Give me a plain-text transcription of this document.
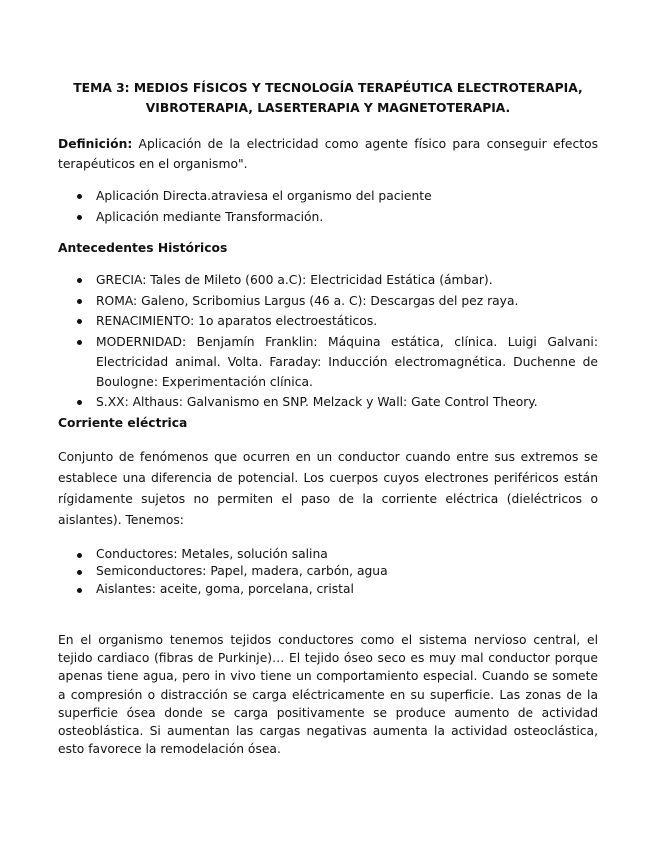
TEMA 3: MEDIOS FÍSICOS Y TECNOLOGÍA TERAPÉUTICA ELECTROTERAPIA,
VIBROTERAPIA, LASERTERAPIA Y MAGNETOTERAPIA.

Definición: Aplicación de la electricidad como agente físico para conseguir efectos terapéuticos en el organismo".

Aplicación Directa.atraviesa el organismo del paciente
Aplicación mediante Transformación.

Antecedentes Históricos

GRECIA: Tales de Mileto (600 a.C): Electricidad Estática (ámbar).
ROMA: Galeno, Scribomius Largus (46 a. C): Descargas del pez raya.
RENACIMIENTO: 1o aparatos electroestáticos.
MODERNIDAD: Benjamín Franklin: Máquina estática, clínica. Luigi Galvani: Electricidad animal. Volta. Faraday: Inducción electromagnética. Duchenne de Boulogne: Experimentación clínica.
S.XX: Althaus: Galvanismo en SNP. Melzack y Wall: Gate Control Theory.

Corriente eléctrica

Conjunto de fenómenos que ocurren en un conductor cuando entre sus extremos se establece una diferencia de potencial. Los cuerpos cuyos electrones periféricos están rígidamente sujetos no permiten el paso de la corriente eléctrica (dieléctricos o aislantes). Tenemos:

Conductores: Metales, solución salina
Semiconductores: Papel, madera, carbón, agua
Aislantes: aceite, goma, porcelana, cristal

En el organismo tenemos tejidos conductores como el sistema nervioso central, el tejido cardiaco (fibras de Purkinje)… El tejido óseo seco es muy mal conductor porque apenas tiene agua, pero in vivo tiene un comportamiento especial. Cuando se somete a compresión o distracción se carga eléctricamente en su superficie. Las zonas de la superficie ósea donde se carga positivamente se produce aumento de actividad osteoblástica. Si aumentan las cargas negativas aumenta la actividad osteoclástica, esto favorece la remodelación ósea.
